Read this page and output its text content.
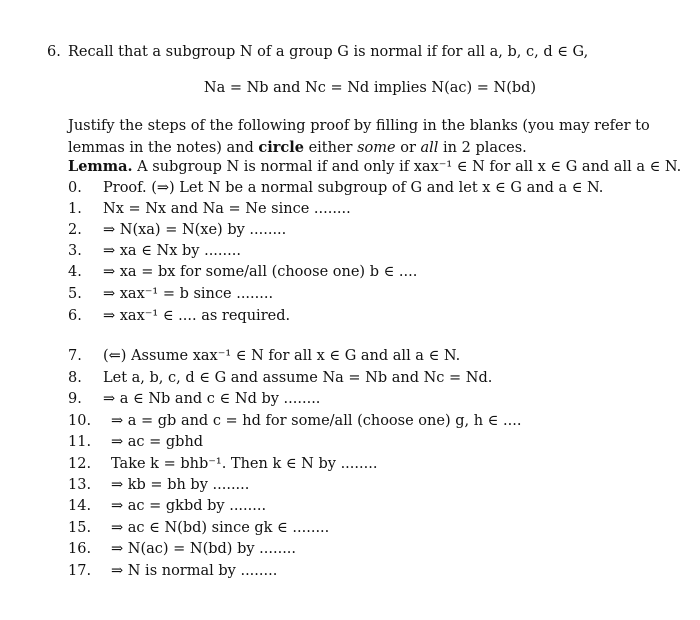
6. Recall that a subgroup N of a group G is normal if for all a, b, c, d ∈ G,
Na = Nb and Nc = Nd implies N(ac) = N(bd)
Justify the steps of the following proof by filling in the blanks (you may refer to lemmas in the notes) and circle either some or all in 2 places.
Lemma. A subgroup N is normal if and only if xax⁻¹ ∈ N for all x ∈ G and all a ∈ N.
0.	Proof. (⇒) Let N be a normal subgroup of G and let x ∈ G and a ∈ N.
1.	Nx = Nx and Na = Ne since ........
2.	⇒ N(xa) = N(xe) by ........
3.	⇒ xa ∈ Nx by ........
4.	⇒ xa = bx for some/all (choose one) b ∈ ....
5.	⇒ xax⁻¹ = b since ........
6.	⇒ xax⁻¹ ∈ .... as required.
7.	(⇐) Assume xax⁻¹ ∈ N for all x ∈ G and all a ∈ N.
8.	Let a, b, c, d ∈ G and assume Na = Nb and Nc = Nd.
9.	⇒ a ∈ Nb and c ∈ Nd by ........
10.	⇒ a = gb and c = hd for some/all (choose one) g, h ∈ ....
11.	⇒ ac = gbhd
12.	Take k = bhb⁻¹. Then k ∈ N by ........
13.	⇒ kb = bh by ........
14.	⇒ ac = gkbd by ........
15.	⇒ ac ∈ N(bd) since gk ∈ ........
16.	⇒ N(ac) = N(bd) by ........
17.	⇒ N is normal by ........
